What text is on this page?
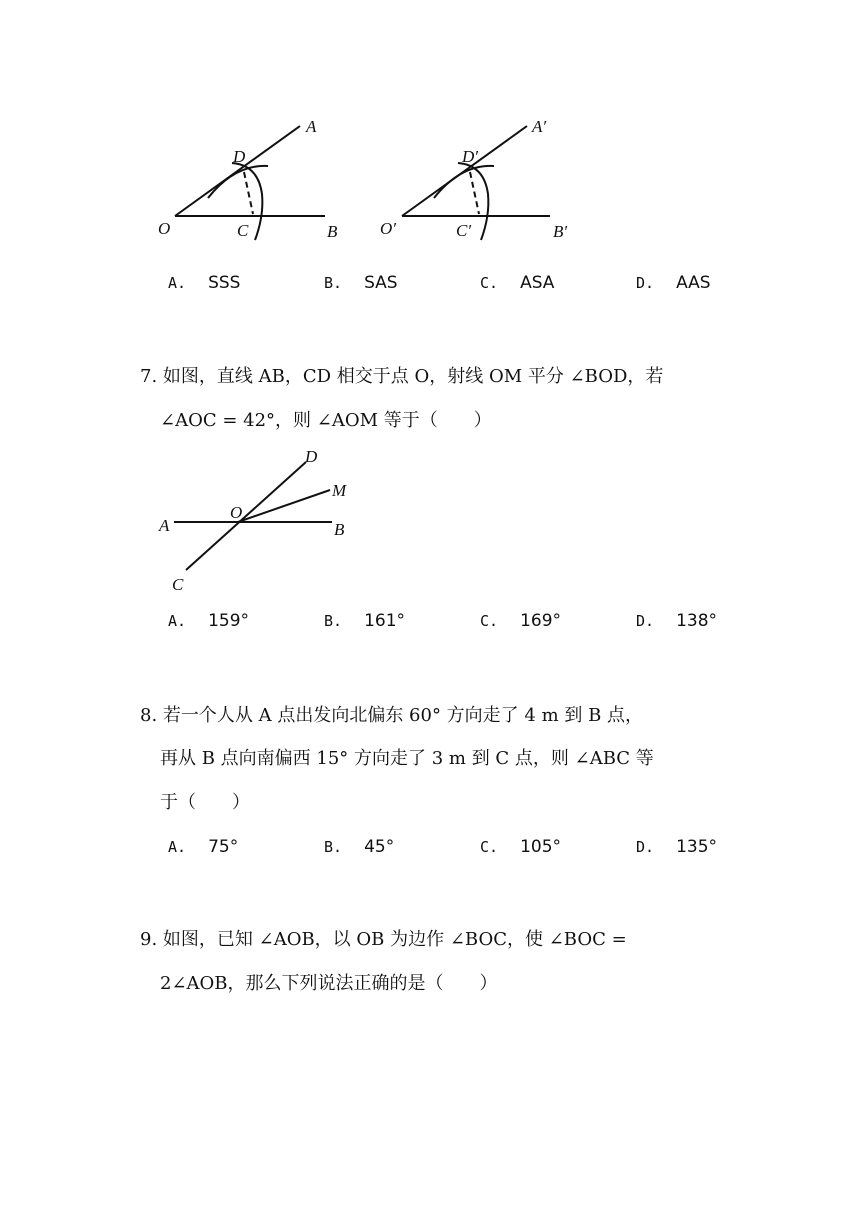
A
D
O	C	B
A′
D′
O′	C′	B′
A. SSS	B. SAS	C. ASA	D. AAS
7. 如图，直线 AB，CD 相交于点 O，射线 OM 平分 ∠BOD，若
∠AOC = 42°，则 ∠AOM 等于（　　）
D
M
A
O
B
C
A. 159°	B. 161°	C. 169°	D. 138°
8. 若一个人从 A 点出发向北偏东 60° 方向走了 4 m 到 B 点，
再从 B 点向南偏西 15° 方向走了 3 m 到 C 点，则 ∠ABC 等
于（　　）
A. 75°	B. 45°	C. 105°	D. 135°
9. 如图，已知 ∠AOB，以 OB 为边作 ∠BOC，使 ∠BOC =
2∠AOB，那么下列说法正确的是（　　）
